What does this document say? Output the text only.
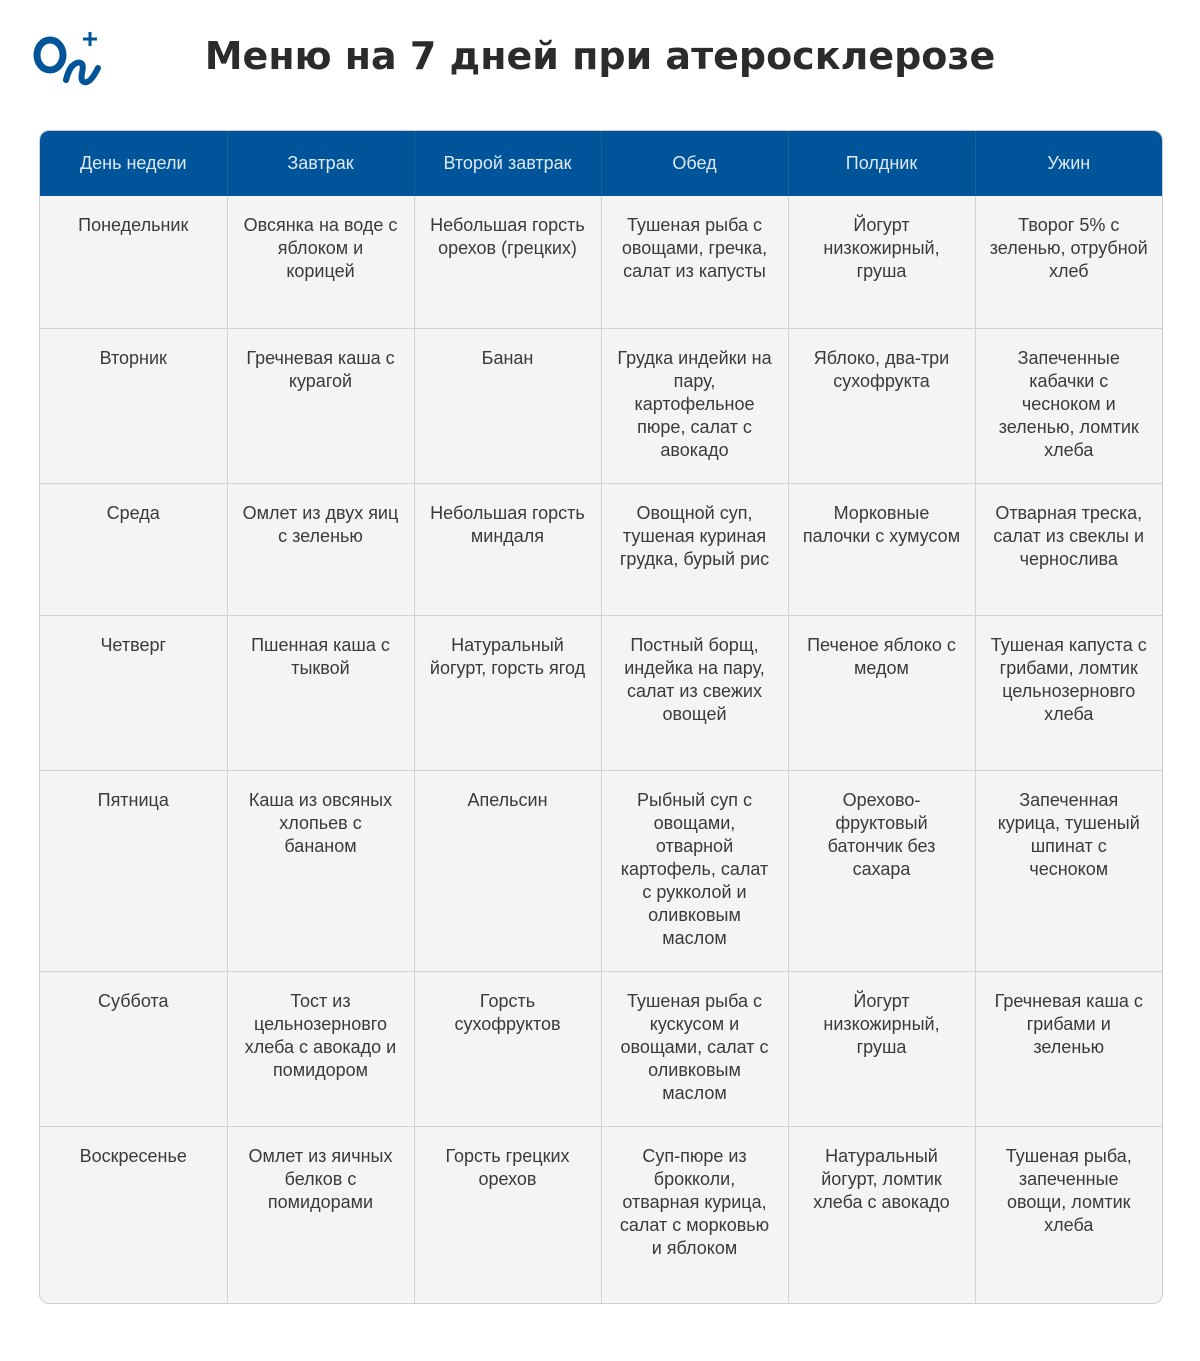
Меню на 7 дней при атеросклерозе
День недели	Завтрак	Второй завтрак	Обед	Полдник	Ужин
Понедельник	Овсянка на воде с яблоком и корицей	Небольшая горсть орехов (грецких)	Тушеная рыба с овощами, гречка, салат из капусты	Йогурт низкожирный, груша	Творог 5% с зеленью, отрубной хлеб
Вторник	Гречневая каша с курагой	Банан	Грудка индейки на пару, картофельное пюре, салат с авокадо	Яблоко, два-три сухофрукта	Запеченные кабачки с чесноком и зеленью, ломтик хлеба
Среда	Омлет из двух яиц с зеленью	Небольшая горсть миндаля	Овощной суп, тушеная куриная грудка, бурый рис	Морковные палочки с хумусом	Отварная треска, салат из свеклы и чернослива
Четверг	Пшенная каша с тыквой	Натуральный йогурт, горсть ягод	Постный борщ, индейка на пару, салат из свежих овощей	Печеное яблоко с медом	Тушеная капуста с грибами, ломтик цельнозерновго хлеба
Пятница	Каша из овсяных хлопьев с бананом	Апельсин	Рыбный суп с овощами, отварной картофель, салат с рукколой и оливковым маслом	Орехово-фруктовый батончик без сахара	Запеченная курица, тушеный шпинат с чесноком
Суббота	Тост из цельнозерновго хлеба с авокадо и помидором	Горсть сухофруктов	Тушеная рыба с кускусом и овощами, салат с оливковым маслом	Йогурт низкожирный, груша	Гречневая каша с грибами и зеленью
Воскресенье	Омлет из яичных белков с помидорами	Горсть грецких орехов	Суп-пюре из брокколи, отварная курица, салат с морковью и яблоком	Натуральный йогурт, ломтик хлеба с авокадо	Тушеная рыба, запеченные овощи, ломтик хлеба
